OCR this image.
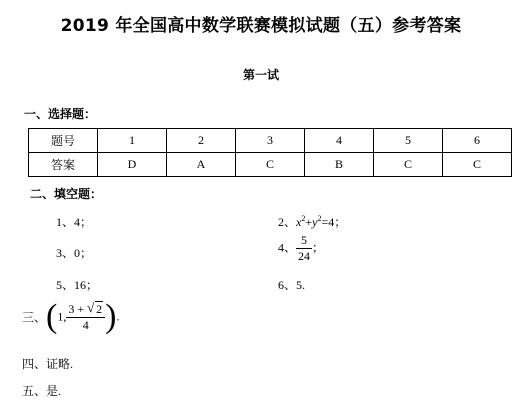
2019 年全国高中数学联赛模拟试题（五）参考答案
第一试
一、选择题：
题号	1	2	3	4	5	6
答案	D	A	C	B	C	C
二、填空题：
1、4；	2、$x^2+y^2=4$；
3、0；	4、 $\frac{5}{24}$ ；
5、16；	6、5.
三、(1, $\frac{3 + √ 2}{4}$ ).
四、证略.
五、是.
